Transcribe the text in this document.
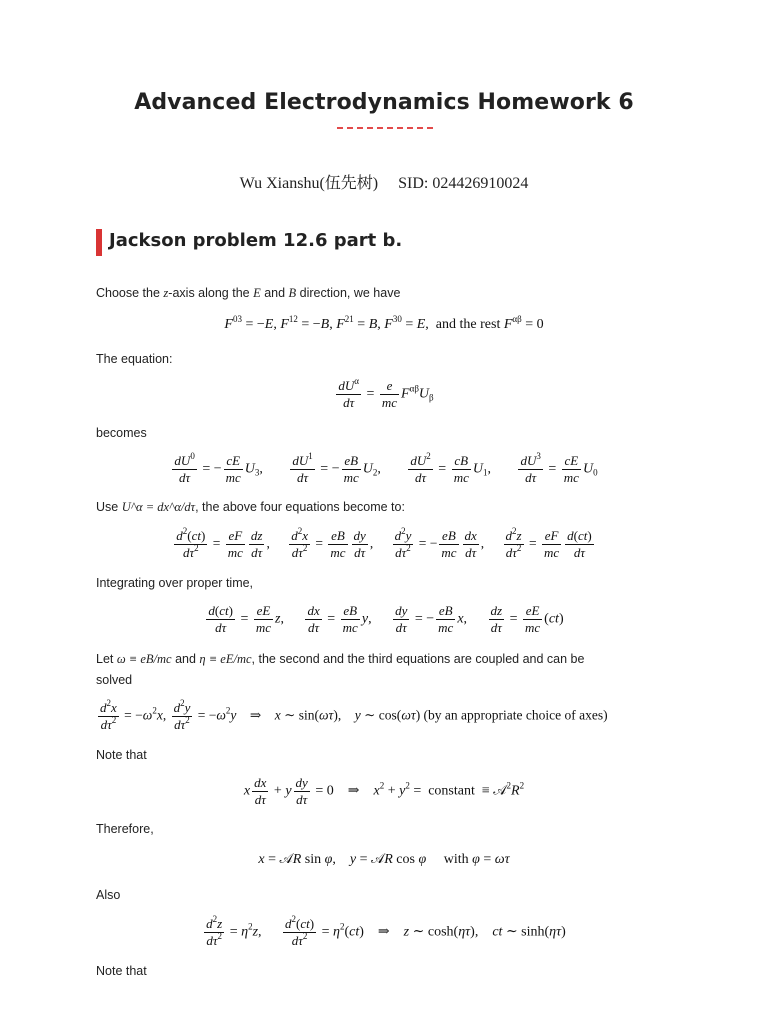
Advanced Electrodynamics Homework 6
Wu Xianshu(伍先树) SID: 024426910024
Jackson problem 12.6 part b.
Choose the z-axis along the E and B direction, we have
$F^{03} = -E$, $F^{12} = -B$, $F^{21} = B$, $F^{30} = E$,  and the rest $F^{\alpha\beta} = 0$
The equation:
$dU^\alpha$
dτ
= $\frac{e}{mc} F^{\alpha\beta}U_\beta$
becomes
$\frac{dU^0}{d\tau}$ = − $\frac{cE}{mc} U_3$, $\frac{dU^1}{d\tau}$ = − $\frac{eB}{mc} U_2$, $\frac{dU^2}{d\tau} = \frac{cB}{mc} U_1$, $\frac{dU^3}{d\tau} = \frac{cE}{mc} U_0$
Use U^α = dx^α/dτ, the above four equations become to:
$\frac{d^2(ct)}{d\tau^2} = \frac{eF}{mc} \frac{dz}{d\tau}$ , $\frac{d^2x}{d\tau^2} = \frac{eB}{mc} \frac{dy}{d\tau}$ , $\frac{d^2y}{d\tau^2}$ = − $\frac{eB}{mc} \frac{dx}{d\tau}$ , $\frac{d^2z}{d\tau^2} = \frac{eF}{mc} \frac{d(ct)}{d\tau}$
Integrating over proper time,
$\frac{d(ct)}{d\tau} = \frac{eE}{mc} z$, $\frac{dx}{d\tau} = \frac{eB}{mc} y$, $\frac{dy}{d\tau}$ = − $\frac{eB}{mc} x$, $\frac{dz}{d\tau} = \frac{eE}{mc} (ct)$
Let ω ≡ eB/mc and η ≡ eE/mc, the second and the third equations are coupled and can be
solved
$\frac{d^2x}{d\tau^2} = -\omega^2x$, $\frac{d^2y}{d\tau^2} = -\omega^2y$    ⇒    x ∼ sin(ωτ),    y ∼ cos(ωτ) (by an appropriate choice of axes)
Note that
x $\frac{dx}{d\tau} + y \frac{dy}{d\tau} = 0$    ⇒    $x^2 + y^2$ =  constant  ≡ $𝒜^2R^2$
Therefore,
x = 𝒜R sin φ,    y = 𝒜R cos φ     with φ = ωτ
Also
$\frac{d^2z}{d\tau^2} = \eta^2z$, $\frac{d^2(ct)}{d\tau^2} = \eta^2(ct)$    ⇒    z ∼ cosh(ητ),    ct ∼ sinh(ητ)
Note that
